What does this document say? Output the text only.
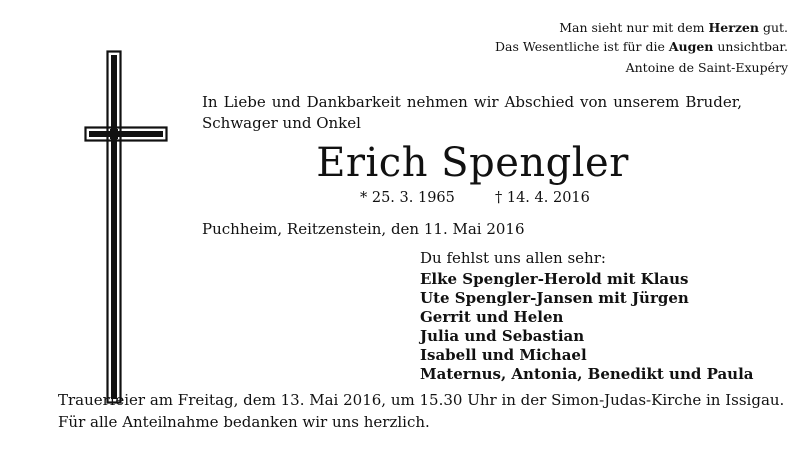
Man sieht nur mit dem Herzen gut.
Das Wesentliche ist für die Augen unsichtbar.
Antoine de Saint-Exupéry
In Liebe und Dankbarkeit nehmen wir Abschied von unserem Bruder, Schwager und Onkel
Erich Spengler
* 25. 3. 1965	† 14. 4. 2016
Puchheim, Reitzenstein, den 11. Mai 2016
Du fehlst uns allen sehr:
Elke Spengler-Herold mit Klaus
Ute Spengler-Jansen mit Jürgen
Gerrit und Helen
Julia und Sebastian
Isabell und Michael
Maternus, Antonia, Benedikt und Paula
Trauerfeier am Freitag, dem 13. Mai 2016, um 15.30 Uhr in der Simon-Judas-Kirche in Issigau.
Für alle Anteilnahme bedanken wir uns herzlich.
